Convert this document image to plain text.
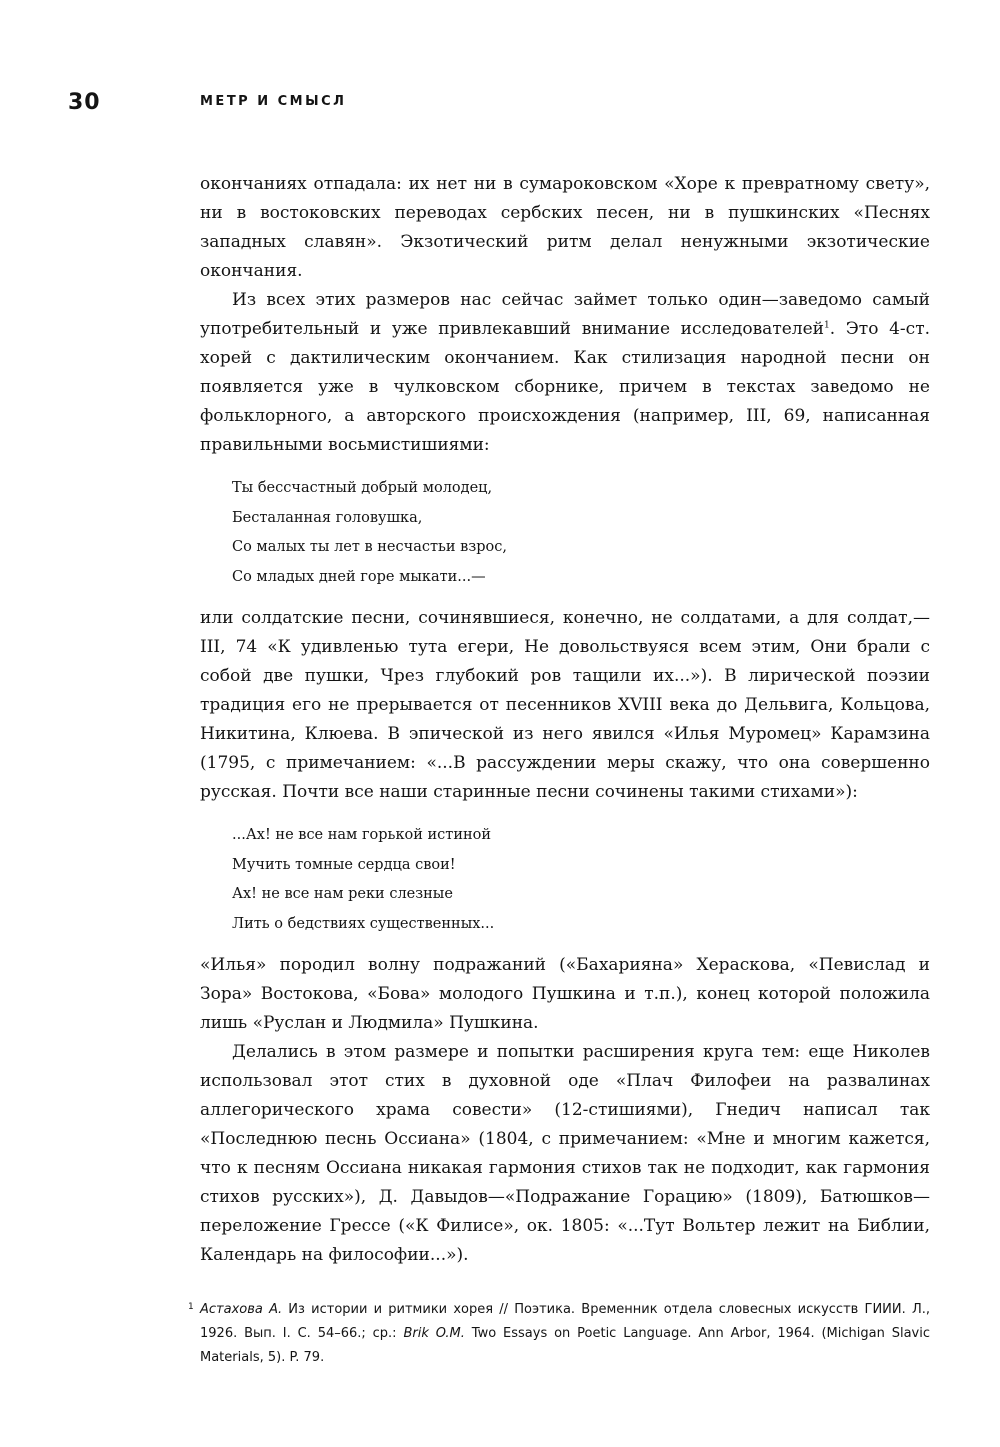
30	МЕТР И СМЫСЛ

окончаниях отпадала: их нет ни в сумароковском «Хоре к превратному свету», ни в востоковских переводах сербских песен, ни в пушкинских «Песнях западных славян». Экзотический ритм делал ненужными экзотические окончания.

Из всех этих размеров нас сейчас займет только один—заведомо самый употребительный и уже привлекавший внимание исследователей$^1$. Это 4-ст. хорей с дактилическим окончанием. Как стилизация народной песни он появляется уже в чулковском сборнике, причем в текстах заведомо не фольклорного, а авторского происхождения (например, III, 69, написанная правильными восьмистишиями:

Ты бессчастный добрый молодец,
Бесталанная головушка,
Со малых ты лет в несчастьи взрос,
Со младых дней горе мыкати...—

или солдатские песни, сочинявшиеся, конечно, не солдатами, а для солдат,—III, 74 «К удивленью тута егери, Не довольствуяся всем этим, Они брали с собой две пушки, Чрез глубокий ров тащили их...»). В лирической поэзии традиция его не прерывается от песенников XVIII века до Дельвига, Кольцова, Никитина, Клюева. В эпической из него явился «Илья Муромец» Карамзина (1795, с примечанием: «...В рассуждении меры скажу, что она совершенно русская. Почти все наши старинные песни сочинены такими стихами»):

...Ах! не все нам горькой истиной
Мучить томные сердца свои!
Ах! не все нам реки слезные
Лить о бедствиях существенных...

«Илья» породил волну подражаний («Бахарияна» Хераскова, «Певислад и Зора» Востокова, «Бова» молодого Пушкина и т.п.), конец которой положила лишь «Руслан и Людмила» Пушкина.

Делались в этом размере и попытки расширения круга тем: еще Николев использовал этот стих в духовной оде «Плач Филофеи на развалинах аллегорического храма совести» (12-стишиями), Гнедич написал так «Последнюю песнь Оссиана» (1804, с примечанием: «Мне и многим кажется, что к песням Оссиана никакая гармония стихов так не подходит, как гармония стихов русских»), Д. Давыдов—«Подражание Горацию» (1809), Батюшков—переложение Грессе («К Филисе», ок. 1805: «...Тут Вольтер лежит на Библии, Календарь на философии...»).

1 Астахова А. Из истории и ритмики хорея // Поэтика. Временник отдела словесных искусств ГИИИ. Л., 1926. Вып. I. С. 54–66.; ср.: Brik O.M. Two Essays on Poetic Language. Ann Arbor, 1964. (Michigan Slavic Materials, 5). P. 79.
